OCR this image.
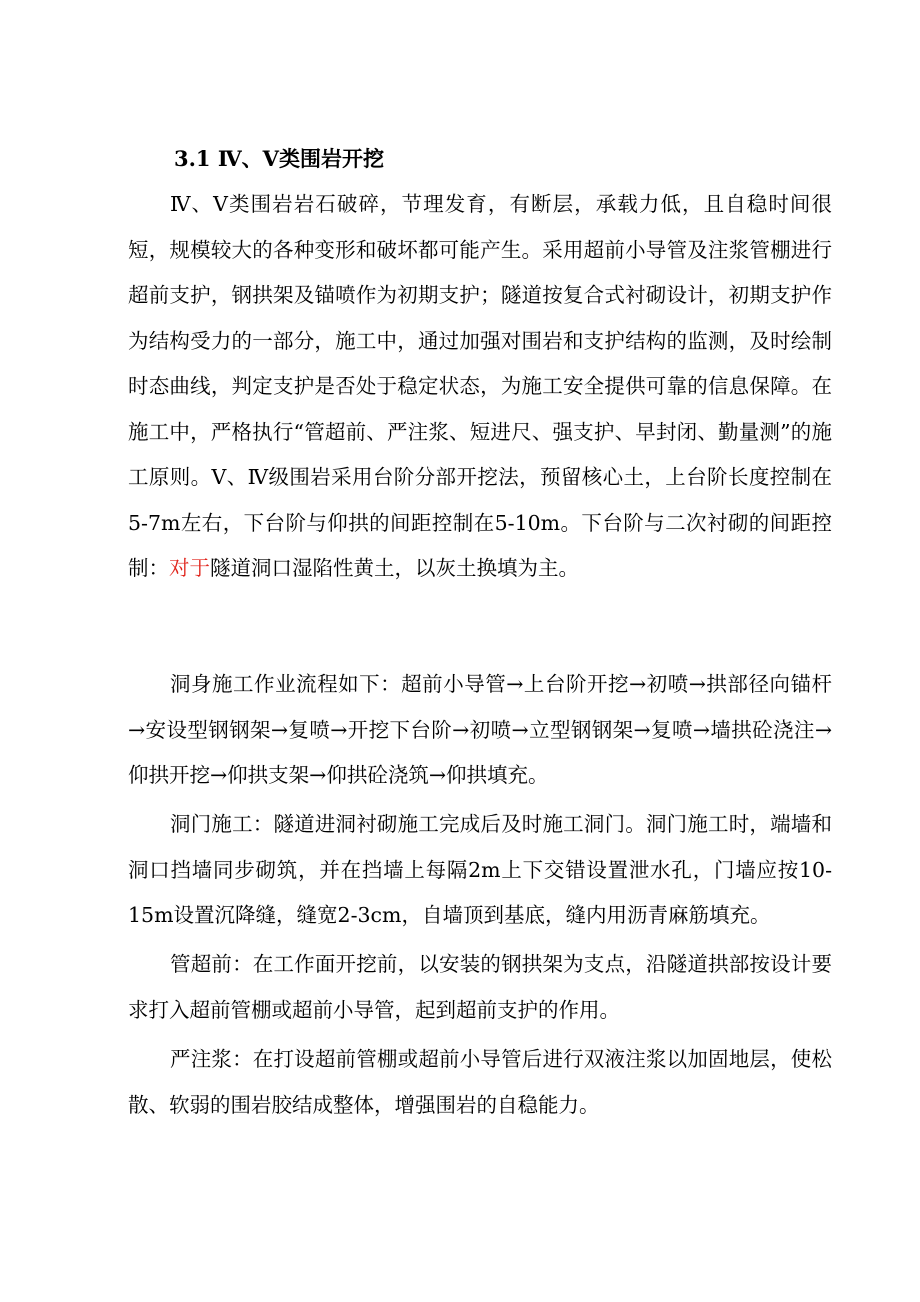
3.1 Ⅳ、Ⅴ类围岩开挖

Ⅳ、Ⅴ类围岩岩石破碎，节理发育，有断层，承载力低，且自稳时间很短，规模较大的各种变形和破坏都可能产生。采用超前小导管及注浆管棚进行超前支护，钢拱架及锚喷作为初期支护；隧道按复合式衬砌设计，初期支护作为结构受力的一部分，施工中，通过加强对围岩和支护结构的监测，及时绘制时态曲线，判定支护是否处于稳定状态，为施工安全提供可靠的信息保障。在施工中，严格执行“管超前、严注浆、短进尺、强支护、早封闭、勤量测”的施工原则。Ⅴ、Ⅳ级围岩采用台阶分部开挖法，预留核心土，上台阶长度控制在5-7m左右，下台阶与仰拱的间距控制在5-10m。下台阶与二次衬砌的间距控制：对于隧道洞口湿陷性黄土，以灰土换填为主。

洞身施工作业流程如下：超前小导管→上台阶开挖→初喷→拱部径向锚杆→安设型钢钢架→复喷→开挖下台阶→初喷→立型钢钢架→复喷→墙拱砼浇注→仰拱开挖→仰拱支架→仰拱砼浇筑→仰拱填充。

洞门施工：隧道进洞衬砌施工完成后及时施工洞门。洞门施工时，端墙和洞口挡墙同步砌筑，并在挡墙上每隔2m上下交错设置泄水孔，门墙应按10-15m设置沉降缝，缝宽2-3cm，自墙顶到基底，缝内用沥青麻筋填充。

管超前：在工作面开挖前，以安装的钢拱架为支点，沿隧道拱部按设计要求打入超前管棚或超前小导管，起到超前支护的作用。

严注浆：在打设超前管棚或超前小导管后进行双液注浆以加固地层，使松散、软弱的围岩胶结成整体，增强围岩的自稳能力。
